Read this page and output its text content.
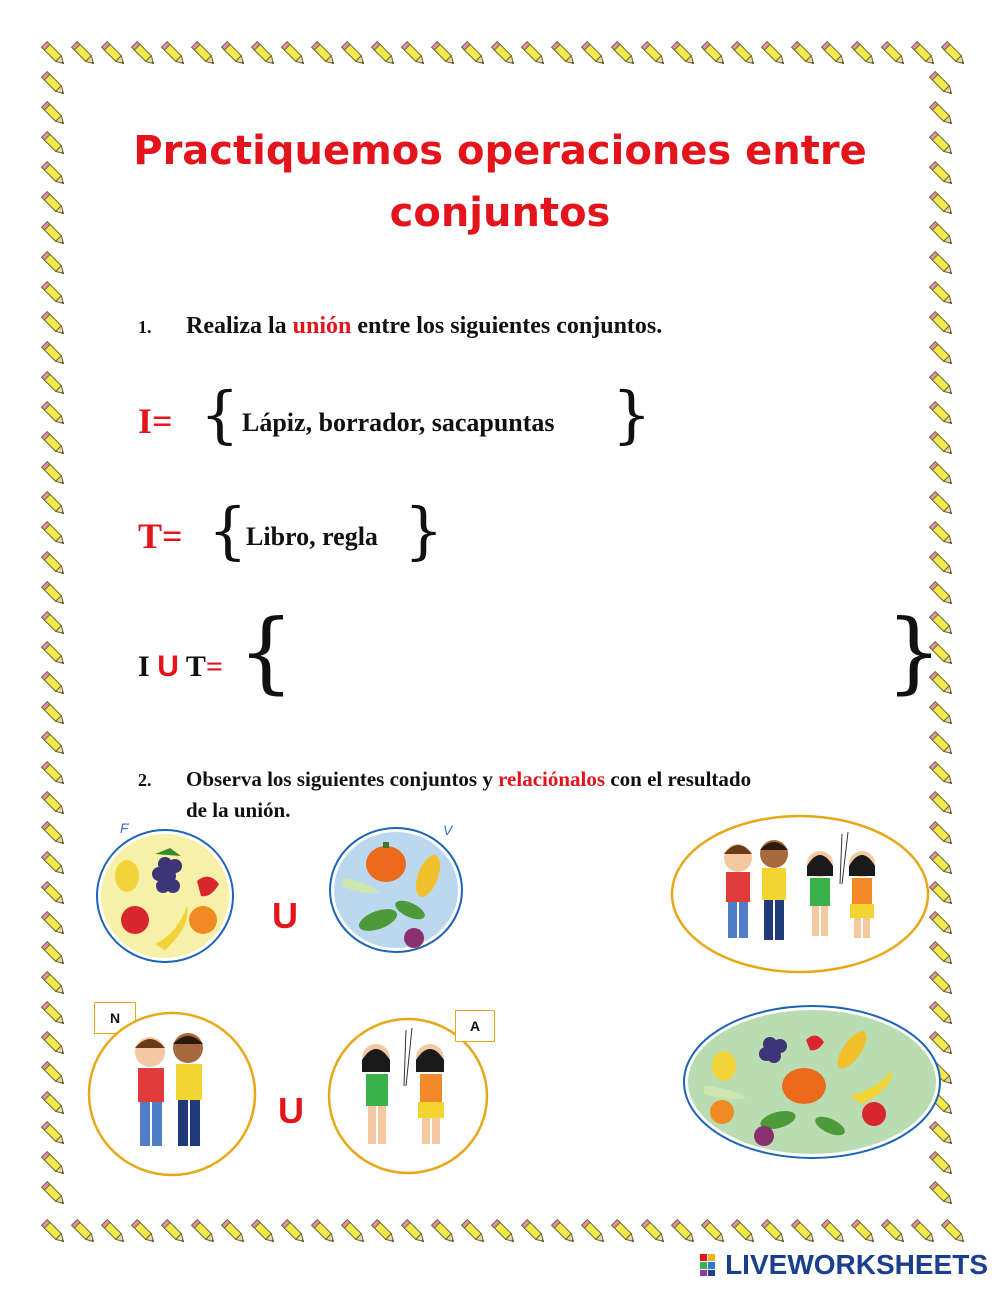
Practiquemos operaciones entre
conjuntos
1. Realiza la unión entre los siguientes conjuntos.
I= { Lápiz, borrador, sacapuntas }
T= {
Libro, regla }
I U T= {	}
2. Observa los siguientes conjuntos y relaciónalos con el resultado
de la unión.
F
U
V
N
U
A
LIVEWORKSHEETS
